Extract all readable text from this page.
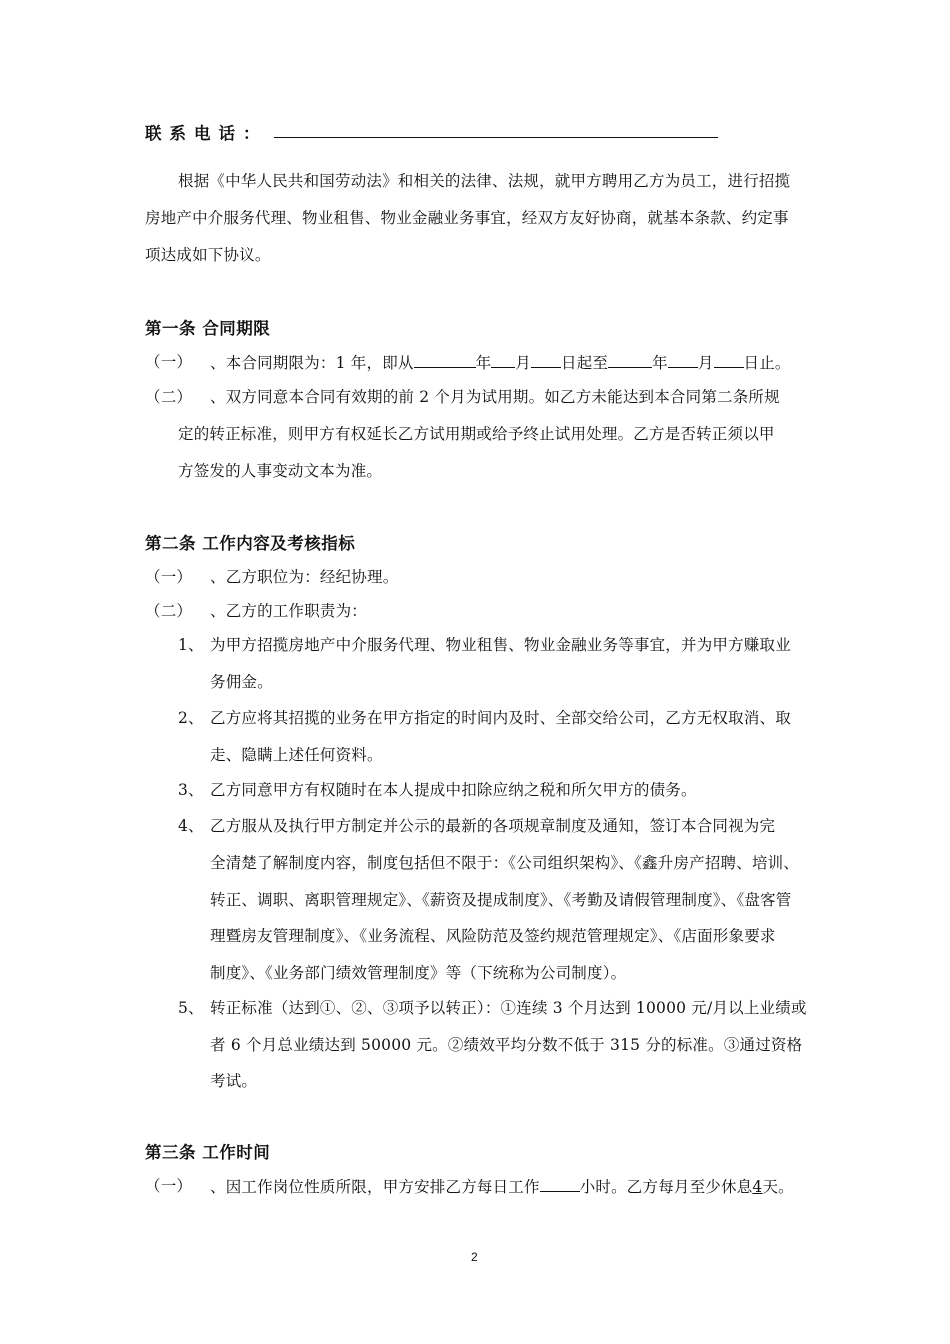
联系电话：
根据《中华人民共和国劳动法》和相关的法律、法规，就甲方聘用乙方为员工，进行招揽
房地产中介服务代理、物业租售、物业金融业务事宜，经双方友好协商，就基本条款、约定事
项达成如下协议。
第一条 合同期限
（一） 、本合同期限为：1 年，即从	年 月 日起至	年 月 日止。
（二） 、双方同意本合同有效期的前 2 个月为试用期。如乙方未能达到本合同第二条所规
定的转正标准，则甲方有权延长乙方试用期或给予终止试用处理。乙方是否转正须以甲
方签发的人事变动文本为准。
第二条 工作内容及考核指标
（一） 、乙方职位为：经纪协理。
（二） 、乙方的工作职责为：
1、 为甲方招揽房地产中介服务代理、物业租售、物业金融业务等事宜，并为甲方赚取业
务佣金。
2、 乙方应将其招揽的业务在甲方指定的时间内及时、全部交给公司，乙方无权取消、取
走、隐瞒上述任何资料。
3、 乙方同意甲方有权随时在本人提成中扣除应纳之税和所欠甲方的债务。
4、 乙方服从及执行甲方制定并公示的最新的各项规章制度及通知，签订本合同视为完
全清楚了解制度内容，制度包括但不限于：《公司组织架构》、《鑫升房产招聘、培训、
转正、调职、离职管理规定》、《薪资及提成制度》、《考勤及请假管理制度》、《盘客管
理暨房友管理制度》、《业务流程、风险防范及签约规范管理规定》、《店面形象要求
制度》、《业务部门绩效管理制度》等（下统称为公司制度）。
5、 转正标准（达到①、②、③项予以转正）：①连续 3 个月达到 10000 元/月以上业绩或
者 6 个月总业绩达到 50000 元。②绩效平均分数不低于 315 分的标准。③通过资格
考试。
第三条 工作时间
（一） 、因工作岗位性质所限，甲方安排乙方每日工作	小时。乙方每月至少休息4天。
2
